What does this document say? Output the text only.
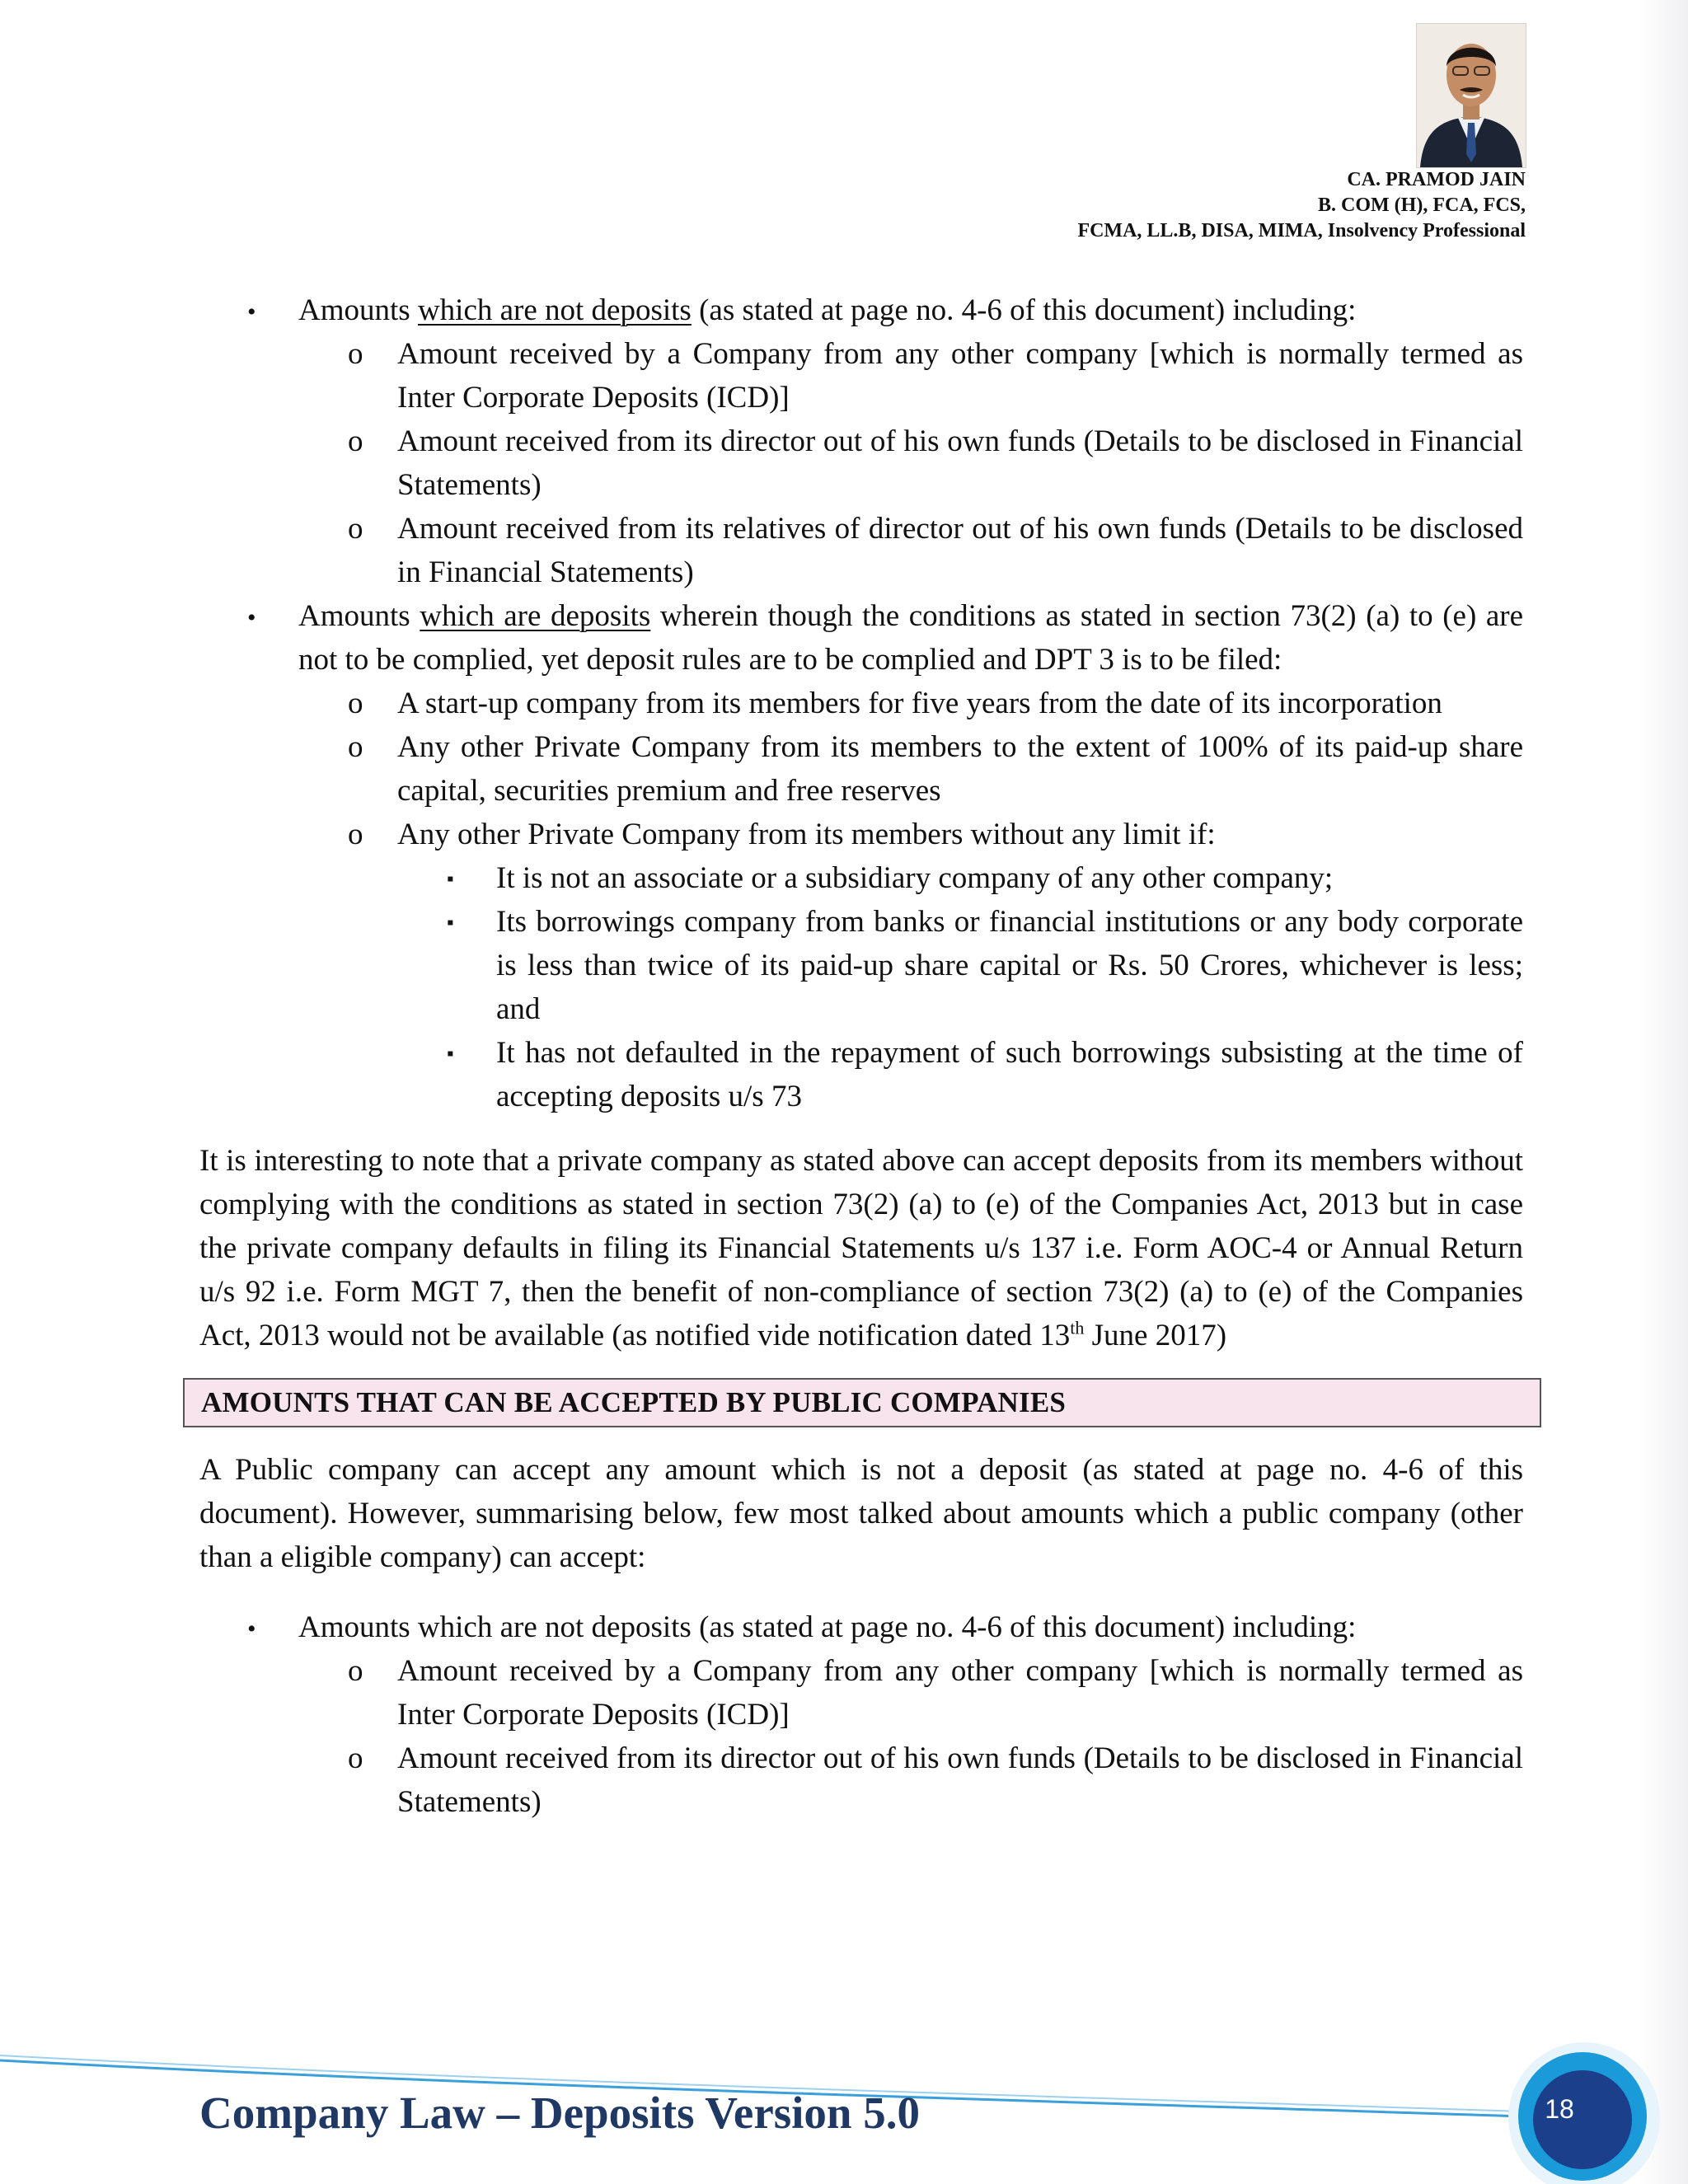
CA. PRAMOD JAIN
B. COM (H), FCA, FCS,
FCMA, LL.B, DISA, MIMA, Insolvency Professional
• Amounts which are not deposits (as stated at page no. 4-6 of this document) including:
o Amount received by a Company from any other company [which is normally termed as Inter Corporate Deposits (ICD)]
o Amount received from its director out of his own funds (Details to be disclosed in Financial Statements)
o Amount received from its relatives of director out of his own funds (Details to be disclosed in Financial Statements)
• Amounts which are deposits wherein though the conditions as stated in section 73(2) (a) to (e) are not to be complied, yet deposit rules are to be complied and DPT 3 is to be filed:
o A start-up company from its members for five years from the date of its incorporation
o Any other Private Company from its members to the extent of 100% of its paid-up share capital, securities premium and free reserves
o Any other Private Company from its members without any limit if:
▪ It is not an associate or a subsidiary company of any other company;
▪ Its borrowings company from banks or financial institutions or any body corporate is less than twice of its paid-up share capital or Rs. 50 Crores, whichever is less; and
▪ It has not defaulted in the repayment of such borrowings subsisting at the time of accepting deposits u/s 73
It is interesting to note that a private company as stated above can accept deposits from its members without complying with the conditions as stated in section 73(2) (a) to (e) of the Companies Act, 2013 but in case the private company defaults in filing its Financial Statements u/s 137 i.e. Form AOC-4 or Annual Return u/s 92 i.e. Form MGT 7, then the benefit of non-compliance of section 73(2) (a) to (e) of the Companies Act, 2013 would not be available (as notified vide notification dated 13th June 2017)
AMOUNTS THAT CAN BE ACCEPTED BY PUBLIC COMPANIES
A Public company can accept any amount which is not a deposit (as stated at page no. 4-6 of this document). However, summarising below, few most talked about amounts which a public company (other than a eligible company) can accept:
• Amounts which are not deposits (as stated at page no. 4-6 of this document) including:
o Amount received by a Company from any other company [which is normally termed as Inter Corporate Deposits (ICD)]
o Amount received from its director out of his own funds (Details to be disclosed in Financial Statements)
Company Law – Deposits Version 5.0	18
